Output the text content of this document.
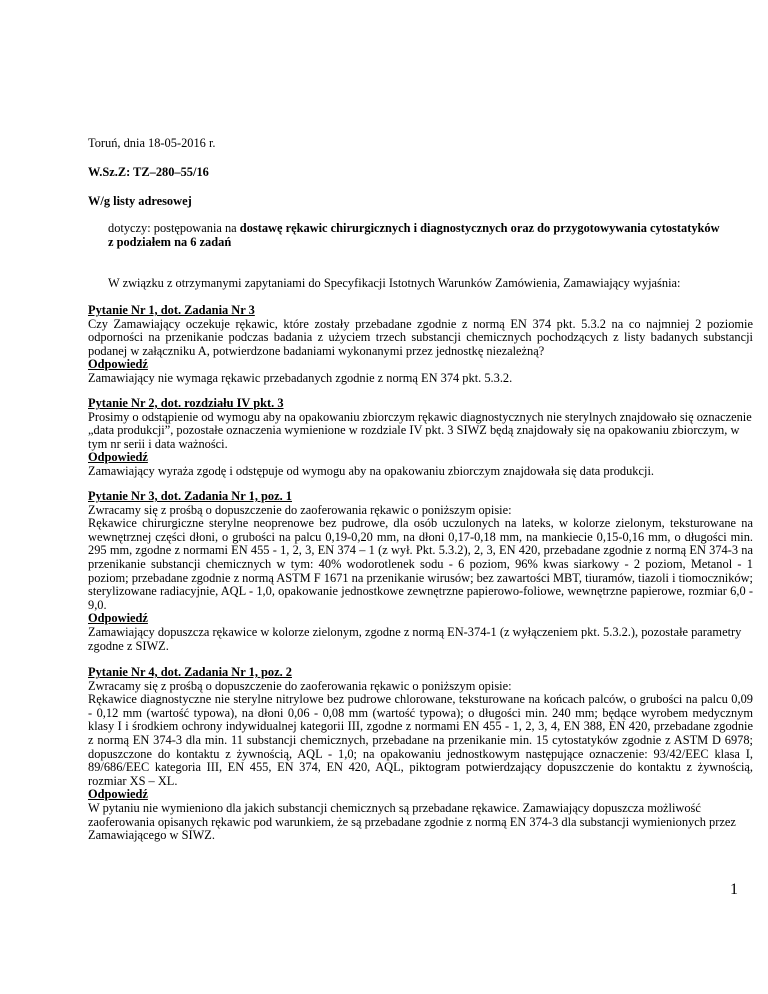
Toruń, dnia 18-05-2016 r.

W.Sz.Z: TZ–280–55/16

W/g listy adresowej

dotyczy: postępowania na dostawę rękawic chirurgicznych i diagnostycznych oraz do przygotowywania cytostatyków
z podziałem na 6 zadań

W związku z otrzymanymi zapytaniami do Specyfikacji Istotnych Warunków Zamówienia, Zamawiający wyjaśnia:

Pytanie Nr 1, dot. Zadania Nr 3
Czy Zamawiający oczekuje rękawic, które zostały przebadane zgodnie z normą EN 374 pkt. 5.3.2 na co najmniej 2 poziomie odporności na przenikanie podczas badania z użyciem trzech substancji chemicznych pochodzących z listy badanych substancji podanej w załączniku A, potwierdzone badaniami wykonanymi przez jednostkę niezależną?
Odpowiedź
Zamawiający nie wymaga rękawic przebadanych zgodnie z normą EN 374 pkt. 5.3.2.
Pytanie Nr 2, dot. rozdziału IV pkt. 3
Prosimy o odstąpienie od wymogu aby na opakowaniu zbiorczym rękawic diagnostycznych nie sterylnych znajdowało się oznaczenie „data produkcji”, pozostałe oznaczenia wymienione w rozdziale IV pkt. 3 SIWZ będą znajdowały się na opakowaniu zbiorczym, w tym nr serii i data ważności.
Odpowiedź
Zamawiający wyraża zgodę i odstępuje od wymogu aby na opakowaniu zbiorczym znajdowała się data produkcji.
Pytanie Nr 3, dot. Zadania Nr 1, poz. 1
Zwracamy się z prośbą o dopuszczenie do zaoferowania rękawic o poniższym opisie:
Rękawice chirurgiczne sterylne neoprenowe bez pudrowe, dla osób uczulonych na lateks, w kolorze zielonym, teksturowane na wewnętrznej części dłoni, o grubości na palcu 0,19-0,20 mm, na dłoni 0,17-0,18 mm, na mankiecie 0,15-0,16 mm, o długości min. 295 mm, zgodne z normami EN 455 - 1, 2, 3, EN 374 – 1 (z wył. Pkt. 5.3.2), 2, 3, EN 420, przebadane zgodnie z normą EN 374-3 na przenikanie substancji chemicznych w tym: 40% wodorotlenek sodu - 6 poziom, 96% kwas siarkowy - 2 poziom, Metanol - 1 poziom; przebadane zgodnie z normą ASTM F 1671 na przenikanie wirusów; bez zawartości MBT, tiuramów, tiazoli i tiomoczników; sterylizowane radiacyjnie, AQL - 1,0, opakowanie jednostkowe zewnętrzne papierowo-foliowe, wewnętrzne papierowe, rozmiar 6,0 - 9,0.
Odpowiedź
Zamawiający dopuszcza rękawice w kolorze zielonym, zgodne z normą EN-374-1 (z wyłączeniem pkt. 5.3.2.), pozostałe parametry zgodne z SIWZ.
Pytanie Nr 4, dot. Zadania Nr 1, poz. 2
Zwracamy się z prośbą o dopuszczenie do zaoferowania rękawic o poniższym opisie:
Rękawice diagnostyczne nie sterylne nitrylowe bez pudrowe chlorowane, teksturowane na końcach palców, o grubości na palcu 0,09 - 0,12 mm (wartość typowa), na dłoni 0,06 - 0,08 mm (wartość typowa); o długości min. 240 mm; będące wyrobem medycznym klasy I i środkiem ochrony indywidualnej kategorii III, zgodne z normami EN 455 - 1, 2, 3, 4, EN 388, EN 420, przebadane zgodnie z normą EN 374-3 dla min. 11 substancji chemicznych, przebadane na przenikanie min. 15 cytostatyków zgodnie z ASTM D 6978; dopuszczone do kontaktu z żywnością, AQL - 1,0; na opakowaniu jednostkowym następujące oznaczenie: 93/42/EEC klasa I, 89/686/EEC kategoria III, EN 455, EN 374, EN 420, AQL, piktogram potwierdzający dopuszczenie do kontaktu z żywnością, rozmiar XS – XL.
Odpowiedź
W pytaniu nie wymieniono dla jakich substancji chemicznych są przebadane rękawice. Zamawiający dopuszcza możliwość zaoferowania opisanych rękawic pod warunkiem, że są przebadane zgodnie z normą EN 374-3 dla substancji wymienionych przez Zamawiającego w SIWZ.
1
